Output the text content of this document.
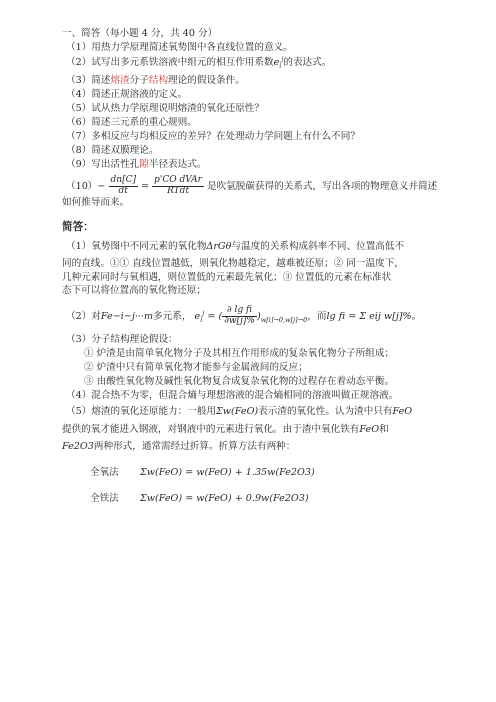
一、简答（每小题 4 分，共 40 分）
（1）用热力学原理简述氧势图中各直线位置的意义。
（2）试写出多元系铁溶液中组元的相互作用系数$e_i^j$的表达式。
（3）简述熔渣分子结构理论的假设条件。
（4）简述正规溶液的定义。
（5）试从热力学原理说明熔渣的氧化还原性？
（6）简述三元系的重心规则。
（7）多相反应与均相反应的差异？在处理动力学问题上有什么不同？
（8）简述双膜理论。
（9）写出活性孔隙半径表达式。
$(10)- \frac{dn[C]}{dt} = \frac{\text{p'CO dVAr}}{\text{RTdt}}$ 是吹氩脱碳获得的关系式，写出各项的物理意义并简述
如何推导而来。
简答：
（1）氧势图中不同元素的氧化物ΔrGθ与温度的关系构成斜率不同、位置高低不
同的直线。①① 直线位置越低，则氧化物越稳定，越难被还原；② 同一温度下，
几种元素同时与氧相遇，则位置低的元素最先氧化；③ 位置低的元素在标准状
态下可以将位置高的氧化物还原；
（2）对Fe−i−j···m多元系， $e_i^j$ = ( $\frac{\text{∂ lg fi}}{\partial w[j]\%} )_{w[i]\to 0,w[j]\to 0}$，而lg fi = Σ eij w[j]%。
（3）分子结构理论假设：
① 炉渣是由简单氧化物分子及其相互作用形成的复杂氧化物分子所组成；
② 炉渣中只有简单氧化物才能参与金属液间的反应；
③ 由酸性氧化物及碱性氧化物复合成复杂氧化物的过程存在着动态平衡。
（4）混合热不为零，但混合熵与理想溶液的混合熵相同的溶液叫做正规溶液。
（5）熔渣的氧化还原能力：一般用Σw(FeO)表示渣的氧化性。认为渣中只有FeO
提供的氧才能进入钢液，对钢液中的元素进行氧化。由于渣中氧化铁有FeO和
Fe2O3两种形式，通常需经过折算。折算方法有两种：
全氧法 Σw(FeO) = w(FeO) + 1.35w(Fe2O3)
全铁法 Σw(FeO) = w(FeO) + 0.9w(Fe2O3)
